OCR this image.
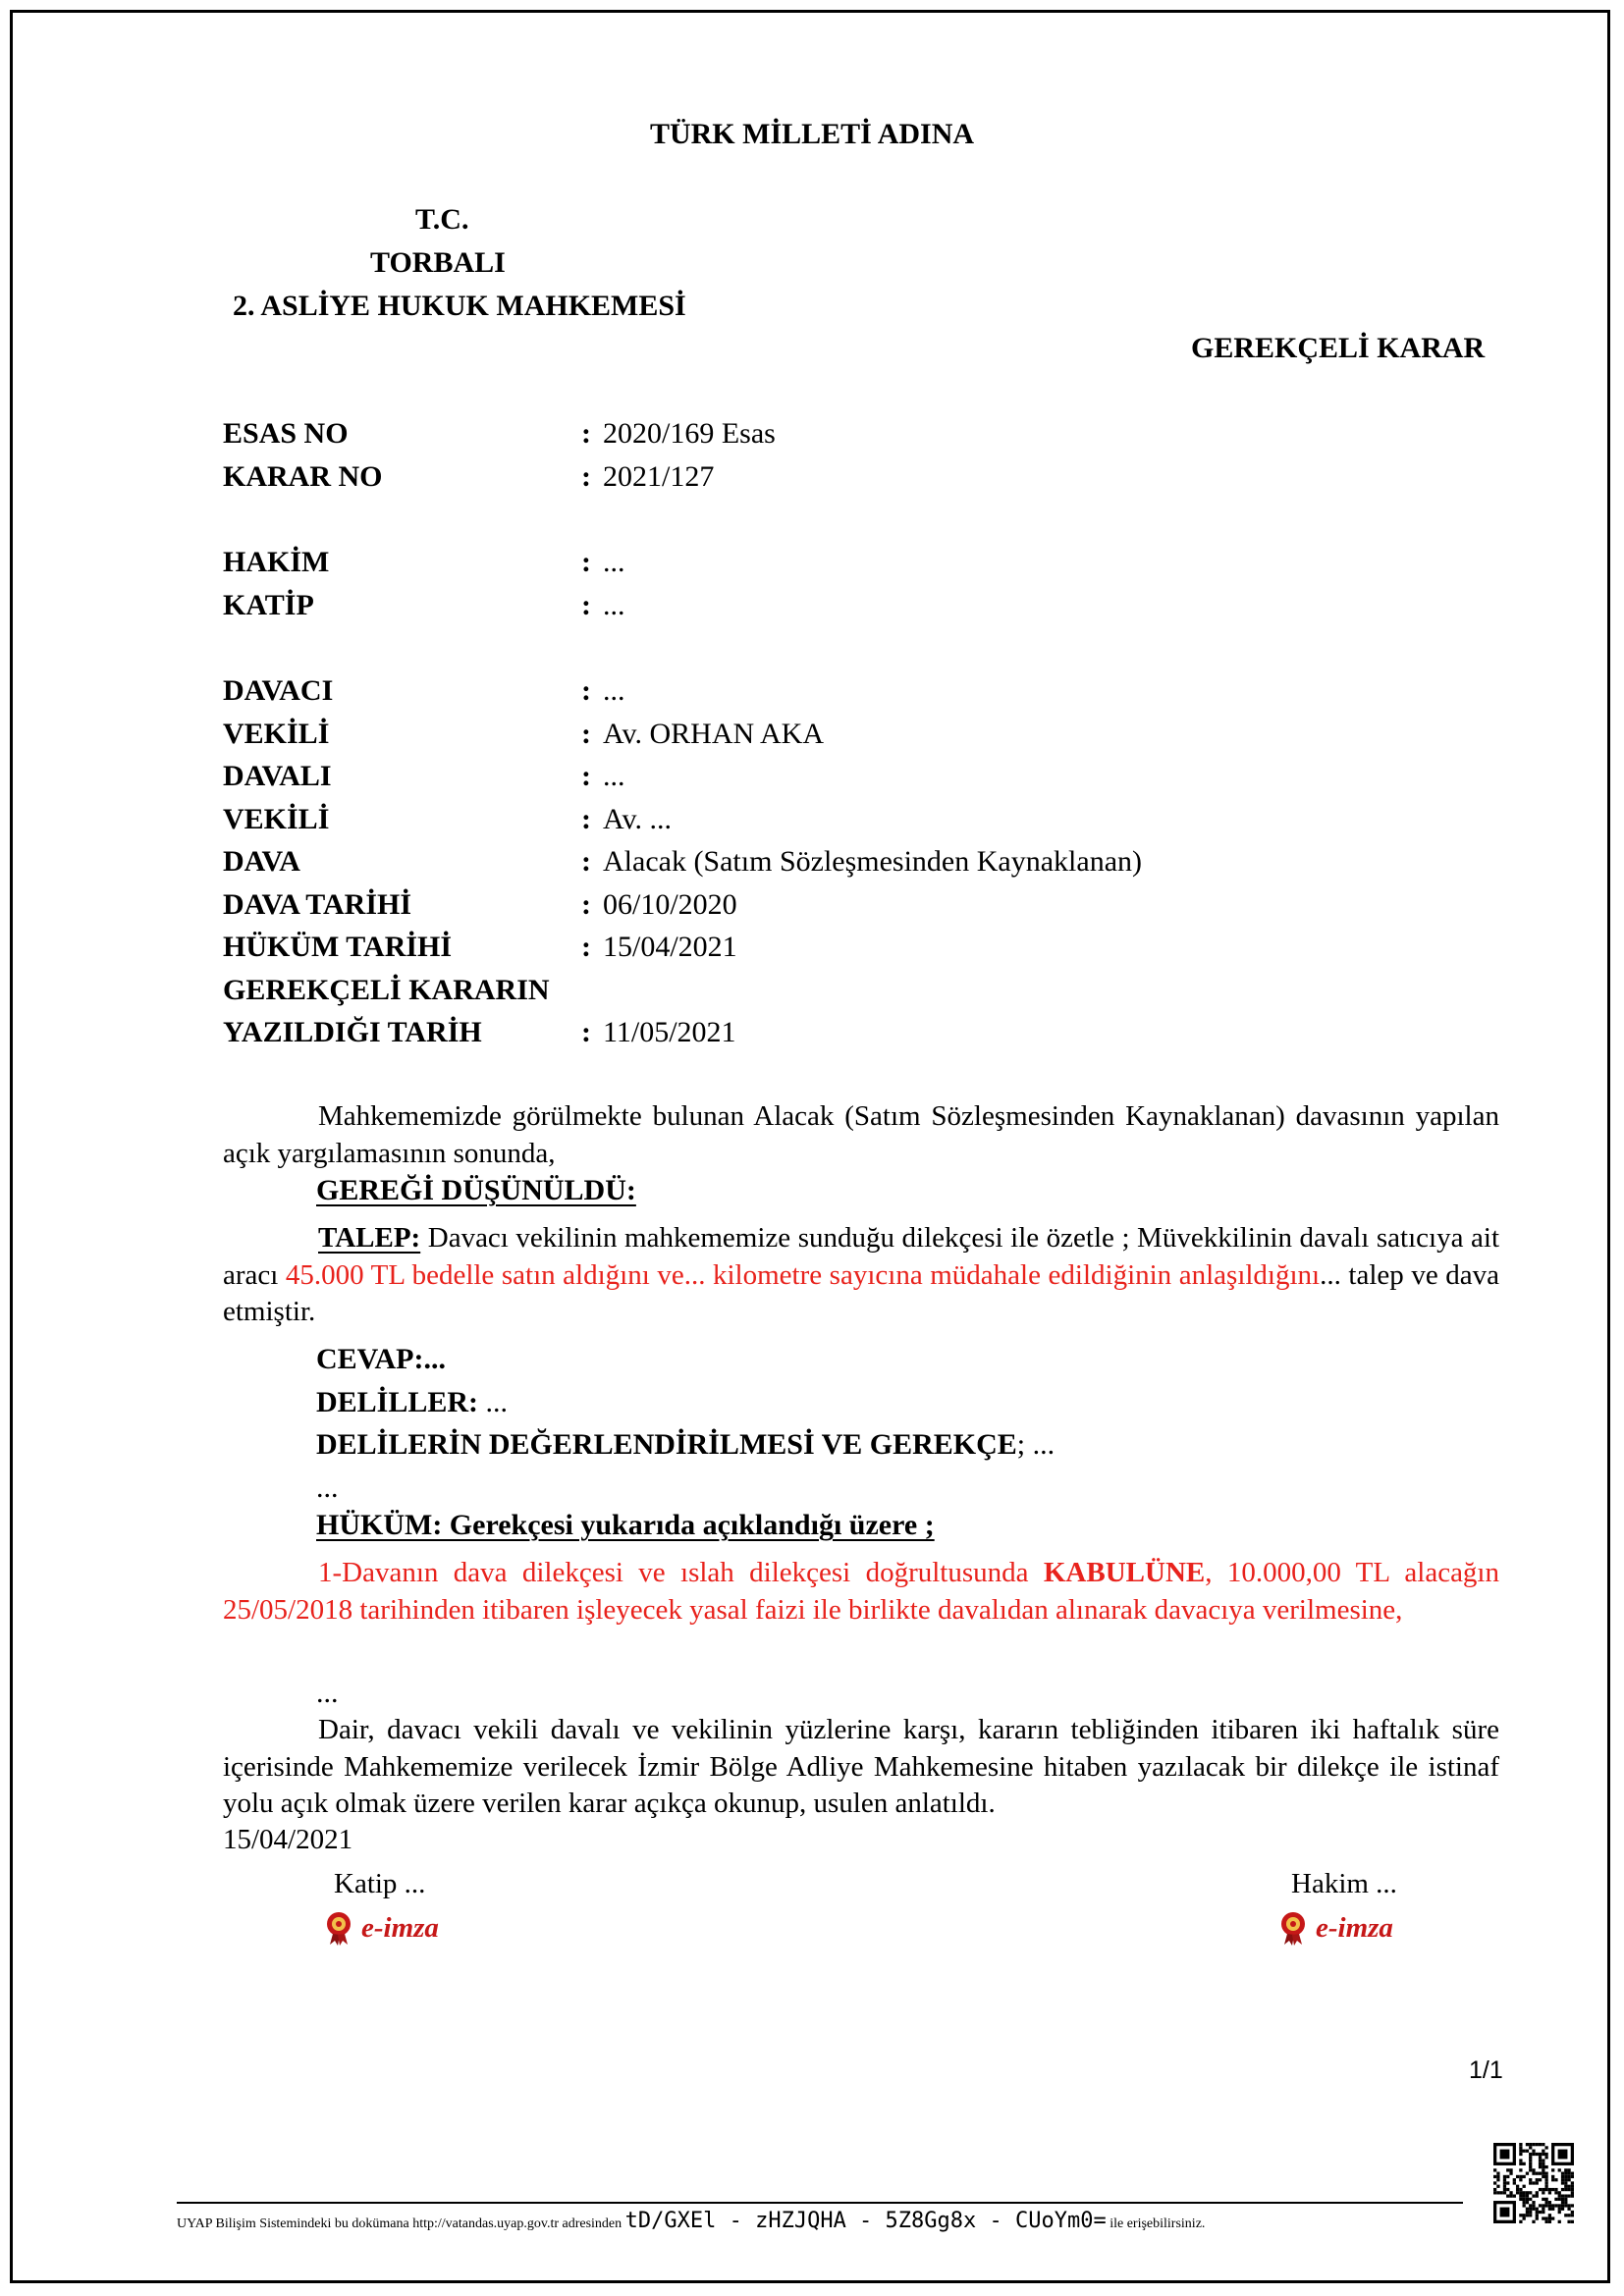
TÜRK MİLLETİ ADINA
T.C.
TORBALI
2. ASLİYE HUKUK MAHKEMESİ
GEREKÇELİ KARAR
ESAS NO	: 2020/169 Esas
KARAR NO	: 2021/127
HAKİM	: ...
KATİP	: ...
DAVACI	: ...
VEKİLİ	: Av. ORHAN AKA
DAVALI	: ...
VEKİLİ	: Av. ...
DAVA	: Alacak (Satım Sözleşmesinden Kaynaklanan)
DAVA TARİHİ	: 06/10/2020
HÜKÜM TARİHİ	: 15/04/2021
GEREKÇELİ KARARIN
YAZILDIĞI TARİH	: 11/05/2021
Mahkememizde görülmekte bulunan Alacak (Satım Sözleşmesinden Kaynaklanan) davasının yapılan açık yargılamasının sonunda,
GEREĞİ DÜŞÜNÜLDÜ:
TALEP: Davacı vekilinin mahkememize sunduğu dilekçesi ile özetle ; Müvekkilinin davalı satıcıya ait aracı 45.000 TL bedelle satın aldığını ve... kilometre sayıcına müdahale edildiğinin anlaşıldığını... talep ve dava etmiştir.
CEVAP:...
DELİLLER: ...
DELİLERİN DEĞERLENDİRİLMESİ VE GEREKÇE; ...
...
HÜKÜM: Gerekçesi yukarıda açıklandığı üzere ;
1-Davanın dava dilekçesi ve ıslah dilekçesi doğrultusunda KABULÜNE, 10.000,00 TL alacağın 25/05/2018 tarihinden itibaren işleyecek yasal faizi ile birlikte davalıdan alınarak davacıya verilmesine,
...
Dair, davacı vekili davalı ve vekilinin yüzlerine karşı, kararın tebliğinden itibaren iki haftalık süre içerisinde Mahkememize verilecek İzmir Bölge Adliye Mahkemesine hitaben yazılacak bir dilekçe ile istinaf yolu açık olmak üzere verilen karar açıkça okunup, usulen anlatıldı.
15/04/2021
Katip ...	Hakim ...
e-imza	e-imza
1/1
UYAP Bilişim Sistemindeki bu dokümana http://vatandas.uyap.gov.tr adresinden tD/GXEl - zHZJQHA - 5Z8Gg8x - CUoYm0= ile erişebilirsiniz.
